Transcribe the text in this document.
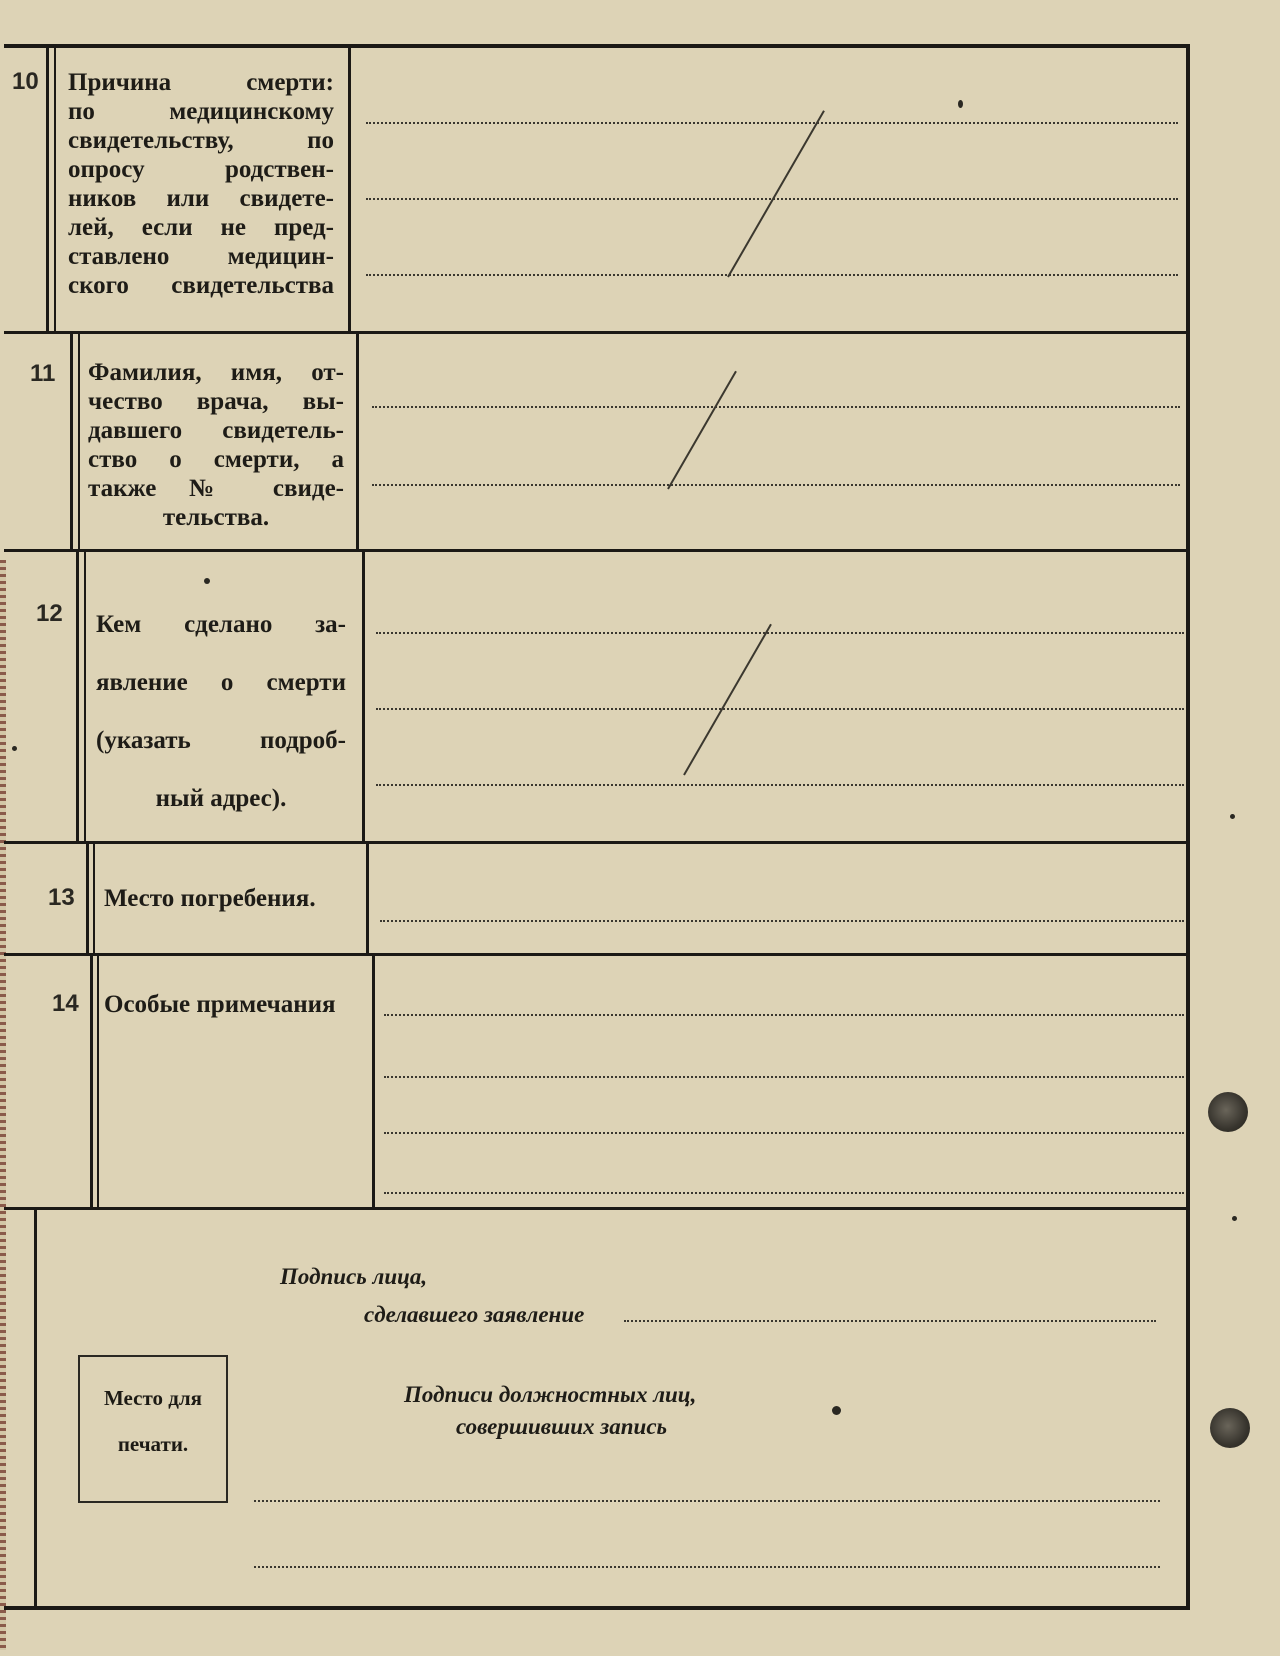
10 Причина смерти:
по медицинскому
свидетельству, по
опросу родствен-
ников или свидете-
лей, если не пред-
ставлено медицин-
ского свидетельства
11 Фамилия, имя, от-
чество врача, вы-
давшего свидетель-
ство о смерти, а
также № свиде-
тельства.
12 Кем сделано за-
явление о смерти
(указать подроб-
ный адрес).
13 Место погребения.
14 Особые примечания
Подпись лица,
сделавшего заявление
Место для
печати.
Подписи должностных лиц,
совершивших запись
